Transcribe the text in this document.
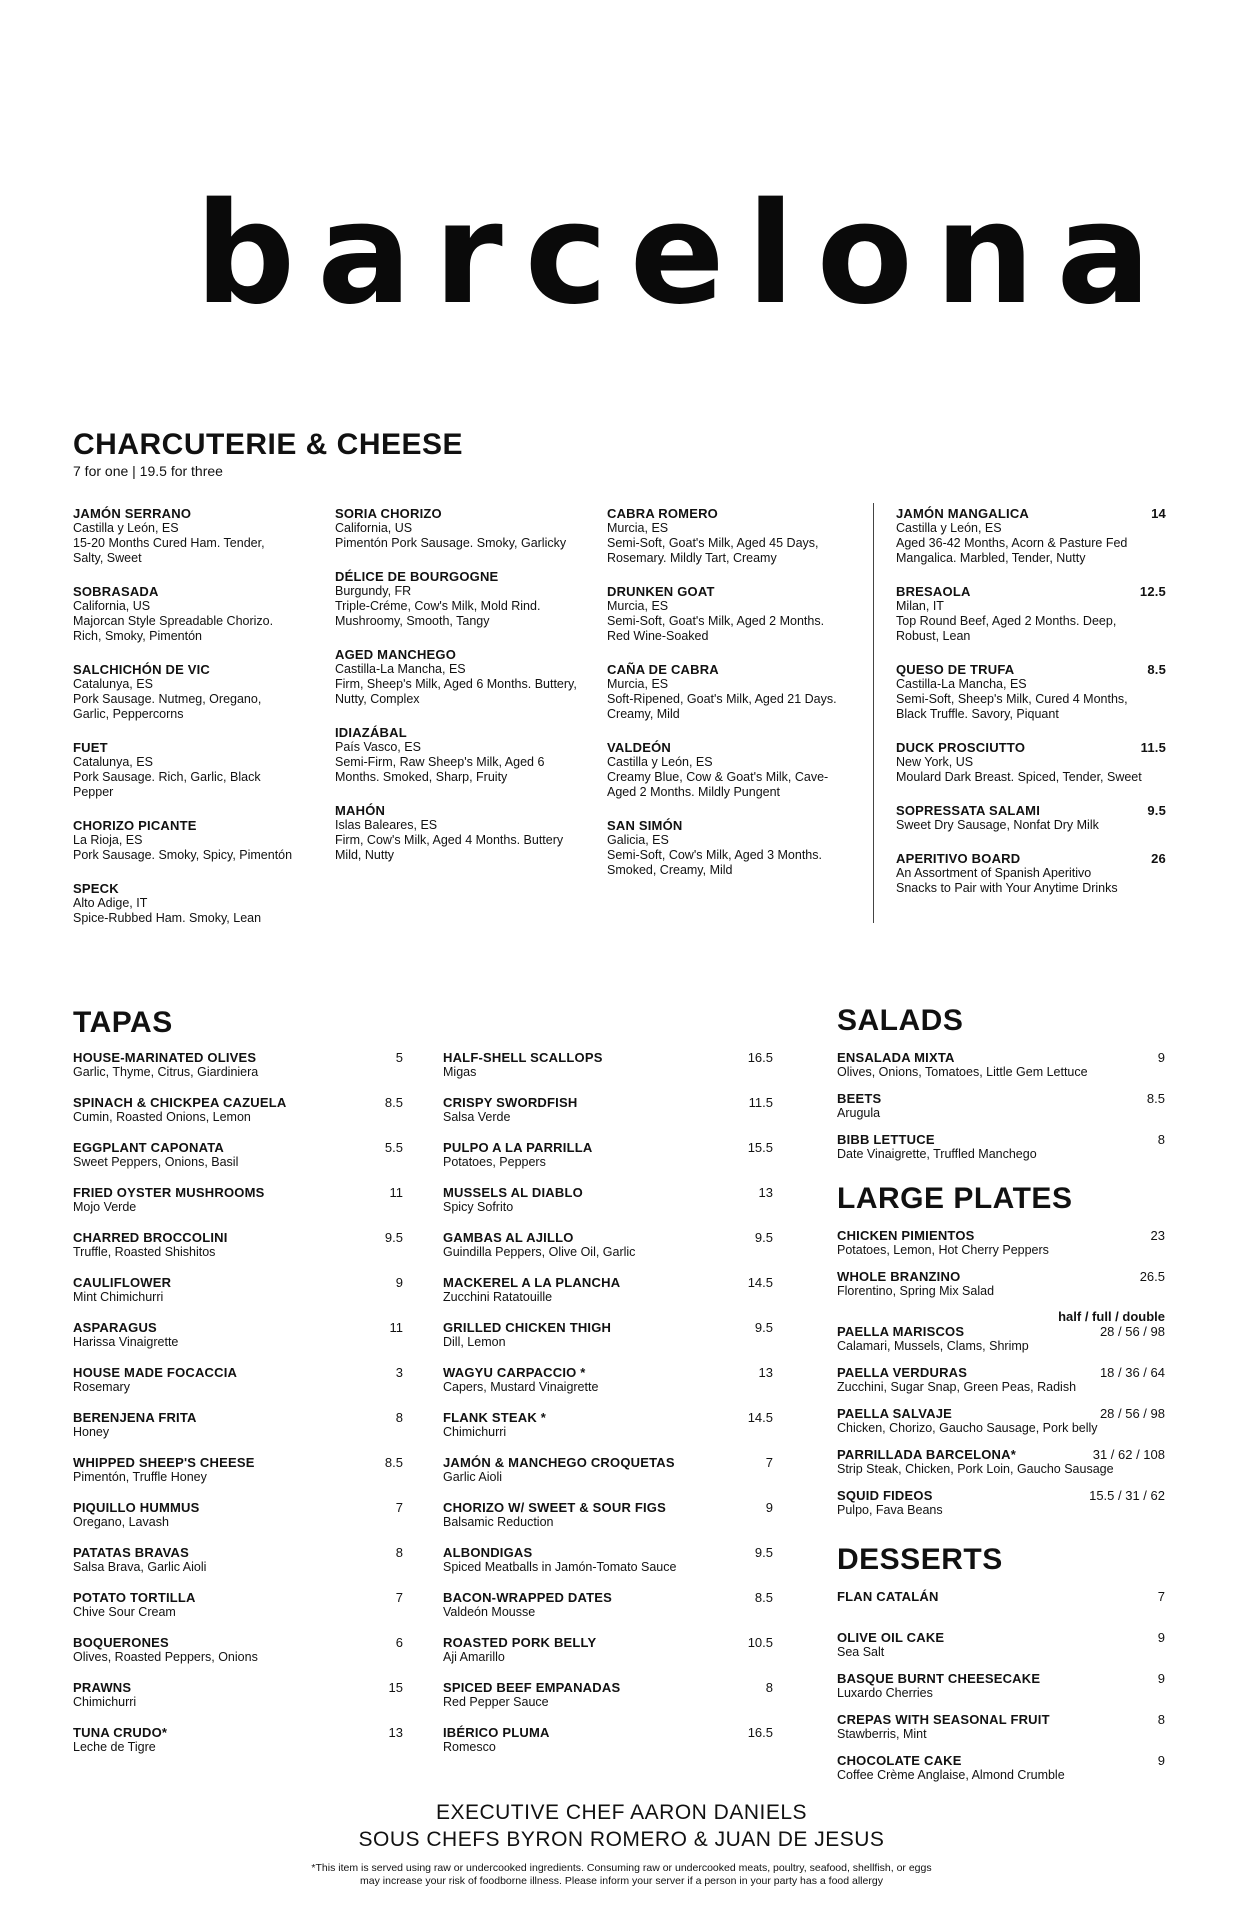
barcelona
CHARCUTERIE & CHEESE
7 for one | 19.5 for three
JAMÓN SERRANO
Castilla y León, ES
15-20 Months Cured Ham. Tender,
Salty, Sweet
SOBRASADA
California, US
Majorcan Style Spreadable Chorizo.
Rich, Smoky, Pimentón
SALCHICHÓN DE VIC
Catalunya, ES
Pork Sausage. Nutmeg, Oregano,
Garlic, Peppercorns
FUET
Catalunya, ES
Pork Sausage. Rich, Garlic, Black
Pepper
CHORIZO PICANTE
La Rioja, ES
Pork Sausage. Smoky, Spicy, Pimentón
SPECK
Alto Adige, IT
Spice-Rubbed Ham. Smoky, Lean
SORIA CHORIZO
California, US
Pimentón Pork Sausage. Smoky, Garlicky
DÉLICE DE BOURGOGNE
Burgundy, FR
Triple-Créme, Cow's Milk, Mold Rind.
Mushroomy, Smooth, Tangy
AGED MANCHEGO
Castilla-La Mancha, ES
Firm, Sheep's Milk, Aged 6 Months. Buttery,
Nutty, Complex
IDIAZÁBAL
País Vasco, ES
Semi-Firm, Raw Sheep's Milk, Aged 6
Months. Smoked, Sharp, Fruity
MAHÓN
Islas Baleares, ES
Firm, Cow's Milk, Aged 4 Months. Buttery
Mild, Nutty
CABRA ROMERO
Murcia, ES
Semi-Soft, Goat's Milk, Aged 45 Days,
Rosemary. Mildly Tart, Creamy
DRUNKEN GOAT
Murcia, ES
Semi-Soft, Goat's Milk, Aged 2 Months.
Red Wine-Soaked
CAÑA DE CABRA
Murcia, ES
Soft-Ripened, Goat's Milk, Aged 21 Days.
Creamy, Mild
VALDEÓN
Castilla y León, ES
Creamy Blue, Cow & Goat's Milk, Cave-
Aged 2 Months. Mildly Pungent
SAN SIMÓN
Galicia, ES
Semi-Soft, Cow's Milk, Aged 3 Months.
Smoked, Creamy, Mild
JAMÓN MANGALICA	14
Castilla y León, ES
Aged 36-42 Months, Acorn & Pasture Fed
Mangalica. Marbled, Tender, Nutty
BRESAOLA	12.5
Milan, IT
Top Round Beef, Aged 2 Months. Deep,
Robust, Lean
QUESO DE TRUFA	8.5
Castilla-La Mancha, ES
Semi-Soft, Sheep's Milk, Cured 4 Months,
Black Truffle. Savory, Piquant
DUCK PROSCIUTTO	11.5
New York, US
Moulard Dark Breast. Spiced, Tender, Sweet
SOPRESSATA SALAMI	9.5
Sweet Dry Sausage, Nonfat Dry Milk
APERITIVO BOARD	26
An Assortment of Spanish Aperitivo
Snacks to Pair with Your Anytime Drinks
TAPAS
HOUSE-MARINATED OLIVES	5
Garlic, Thyme, Citrus, Giardiniera
SPINACH & CHICKPEA CAZUELA	8.5
Cumin, Roasted Onions, Lemon
EGGPLANT CAPONATA	5.5
Sweet Peppers, Onions, Basil
FRIED OYSTER MUSHROOMS	11
Mojo Verde
CHARRED BROCCOLINI	9.5
Truffle, Roasted Shishitos
CAULIFLOWER	9
Mint Chimichurri
ASPARAGUS	11
Harissa Vinaigrette
HOUSE MADE FOCACCIA	3
Rosemary
BERENJENA FRITA	8
Honey
WHIPPED SHEEP'S CHEESE	8.5
Pimentón, Truffle Honey
PIQUILLO HUMMUS	7
Oregano, Lavash
PATATAS BRAVAS	8
Salsa Brava, Garlic Aioli
POTATO TORTILLA	7
Chive Sour Cream
BOQUERONES	6
Olives, Roasted Peppers, Onions
PRAWNS	15
Chimichurri
TUNA CRUDO*	13
Leche de Tigre
HALF-SHELL SCALLOPS	16.5
Migas
CRISPY SWORDFISH	11.5
Salsa Verde
PULPO A LA PARRILLA	15.5
Potatoes, Peppers
MUSSELS AL DIABLO	13
Spicy Sofrito
GAMBAS AL AJILLO	9.5
Guindilla Peppers, Olive Oil, Garlic
MACKEREL A LA PLANCHA	14.5
Zucchini Ratatouille
GRILLED CHICKEN THIGH	9.5
Dill, Lemon
WAGYU CARPACCIO *	13
Capers, Mustard Vinaigrette
FLANK STEAK *	14.5
Chimichurri
JAMÓN & MANCHEGO CROQUETAS	7
Garlic Aioli
CHORIZO W/ SWEET & SOUR FIGS	9
Balsamic Reduction
ALBONDIGAS	9.5
Spiced Meatballs in Jamón-Tomato Sauce
BACON-WRAPPED DATES	8.5
Valdeón Mousse
ROASTED PORK BELLY	10.5
Aji Amarillo
SPICED BEEF EMPANADAS	8
Red Pepper Sauce
IBÉRICO PLUMA	16.5
Romesco
SALADS
ENSALADA MIXTA	9
Olives, Onions, Tomatoes, Little Gem Lettuce
BEETS	8.5
Arugula
BIBB LETTUCE	8
Date Vinaigrette, Truffled Manchego
LARGE PLATES
CHICKEN PIMIENTOS	23
Potatoes, Lemon, Hot Cherry Peppers
WHOLE BRANZINO	26.5
Florentino, Spring Mix Salad
half / full / double
PAELLA MARISCOS	28 / 56 / 98
Calamari, Mussels, Clams, Shrimp
PAELLA VERDURAS	18 / 36 / 64
Zucchini, Sugar Snap, Green Peas, Radish
PAELLA SALVAJE	28 / 56 / 98
Chicken, Chorizo, Gaucho Sausage, Pork belly
PARRILLADA BARCELONA*	31 / 62 / 108
Strip Steak, Chicken, Pork Loin, Gaucho Sausage
SQUID FIDEOS	15.5 / 31 / 62
Pulpo, Fava Beans
DESSERTS
FLAN CATALÁN	7
OLIVE OIL CAKE	9
Sea Salt
BASQUE BURNT CHEESECAKE	9
Luxardo Cherries
CREPAS WITH SEASONAL FRUIT	8
Stawberris, Mint
CHOCOLATE CAKE	9
Coffee Crème Anglaise, Almond Crumble
EXECUTIVE CHEF AARON DANIELS
SOUS CHEFS BYRON ROMERO & JUAN DE JESUS
*This item is served using raw or undercooked ingredients. Consuming raw or undercooked meats, poultry, seafood, shellfish, or eggs
may increase your risk of foodborne illness. Please inform your server if a person in your party has a food allergy
